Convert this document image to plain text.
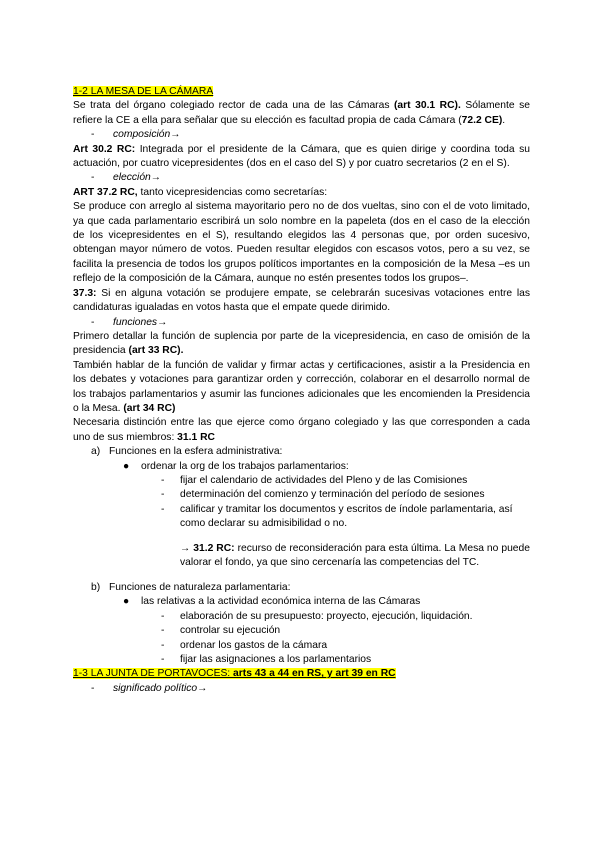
1-2 LA MESA DE LA CÁMARA

Se trata del órgano colegiado rector de cada una de las Cámaras (art 30.1 RC). Sólamente se refiere la CE a ella para señalar que su elección es facultad propia de cada Cámara (72.2 CE).

-	composición→

Art 30.2 RC: Integrada por el presidente de la Cámara, que es quien dirige y coordina toda su actuación, por cuatro vicepresidentes (dos en el caso del S) y por cuatro secretarios (2 en el S).

-	elección→

ART 37.2 RC, tanto vicepresidencias como secretarías:

Se produce con arreglo al sistema mayoritario pero no de dos vueltas, sino con el de voto limitado, ya que cada parlamentario escribirá un solo nombre en la papeleta (dos en el caso de la elección de los vicepresidentes en el S), resultando elegidos las 4 personas que, por orden sucesivo, obtengan mayor número de votos. Pueden resultar elegidos con escasos votos, pero a su vez, se facilita la presencia de todos los grupos políticos importantes en la composición de la Mesa –es un reflejo de la composición de la Cámara, aunque no estén presentes todos los grupos–.

37.3: Si en alguna votación se produjere empate, se celebrarán sucesivas votaciones entre las candidaturas igualadas en votos hasta que el empate quede dirimido.

-	funciones→

Primero detallar la función de suplencia por parte de la vicepresidencia, en caso de omisión de la presidencia (art 33 RC).

También hablar de la función de validar y firmar actas y certificaciones, asistir a la Presidencia en los debates y votaciones para garantizar orden y corrección, colaborar en el desarrollo normal de los trabajos parlamentarios y asumir las funciones adicionales que les encomienden la Presidencia o la Mesa. (art 34 RC)

Necesaria distinción entre las que ejerce como órgano colegiado y las que corresponden a cada uno de sus miembros: 31.1 RC

a) Funciones en la esfera administrativa:
●	ordenar la org de los trabajos parlamentarios:
-	fijar el calendario de actividades del Pleno y de las Comisiones
-	determinación del comienzo y terminación del período de sesiones
-	calificar y tramitar los documentos y escritos de índole parlamentaria, así como declarar su admisibilidad o no.

→ 31.2 RC: recurso de reconsideración para esta última. La Mesa no puede valorar el fondo, ya que sino cercenaría las competencias del TC.

b) Funciones de naturaleza parlamentaria:
●	las relativas a la actividad económica interna de las Cámaras
-	elaboración de su presupuesto: proyecto, ejecución, liquidación.
-	controlar su ejecución
-	ordenar los gastos de la cámara
-	fijar las asignaciones a los parlamentarios

1-3 LA JUNTA DE PORTAVOCES: arts 43 a 44 en RS, y art 39 en RC

-	significado político→
